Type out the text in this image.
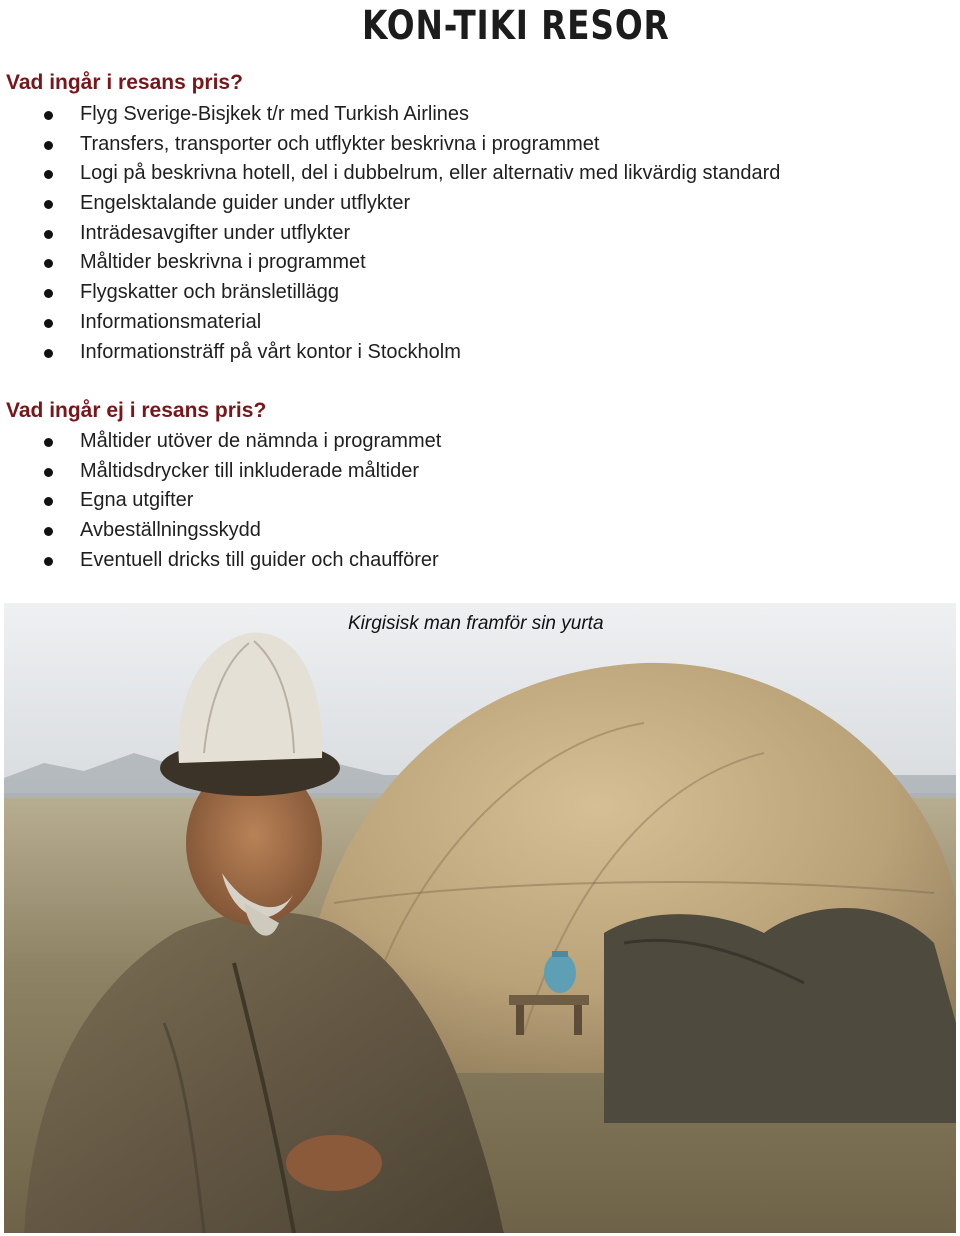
KON-TIKI RESOR
Vad ingår i resans pris?
Flyg Sverige-Bisjkek t/r med Turkish Airlines
Transfers, transporter och utflykter beskrivna i programmet
Logi på beskrivna hotell, del i dubbelrum, eller alternativ med likvärdig standard
Engelsktalande guider under utflykter
Inträdesavgifter under utflykter
Måltider beskrivna i programmet
Flygskatter och bränsletillägg
Informationsmaterial
Informationsträff på vårt kontor i Stockholm
Vad ingår ej i resans pris?
Måltider utöver de nämnda i programmet
Måltidsdrycker till inkluderade måltider
Egna utgifter
Avbeställningsskydd
Eventuell dricks till guider och chaufförer
Kirgisisk man framför sin yurta
